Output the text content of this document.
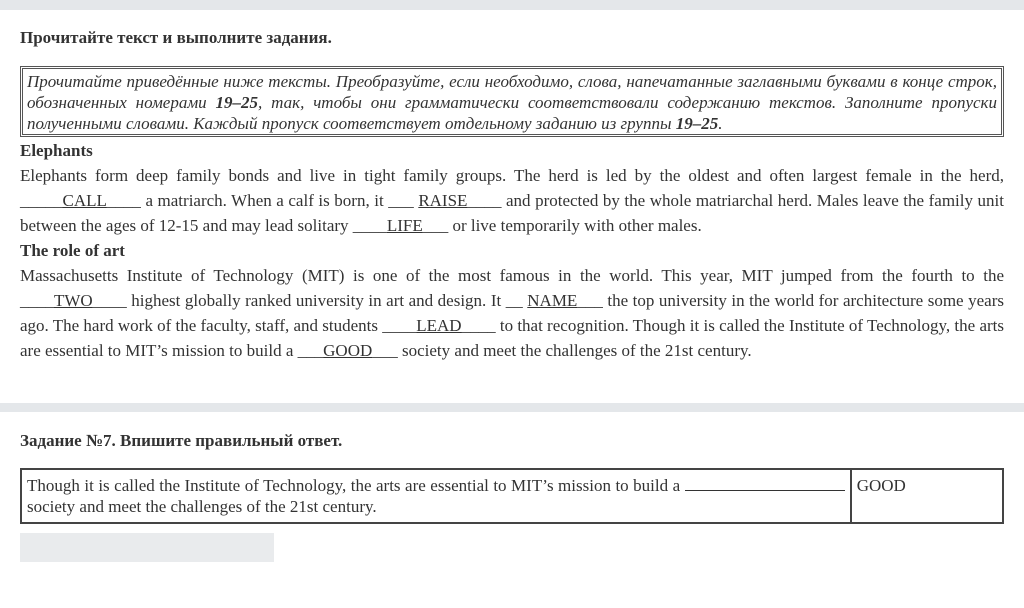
Прочитайте текст и выполните задания.
Прочитайте приведённые ниже тексты. Преобразуйте, если необходимо, слова, напечатанные заглавными буквами в конце строк, обозначенных номерами 19–25, так, чтобы они грамматически соответствовали содержанию текстов. Заполните пропуски полученными словами. Каждый пропуск соответствует отдельному заданию из группы 19–25.
Elephants
Elephants form deep family bonds and live in tight family groups. The herd is led by the oldest and often largest female in the herd, _____CALL____ a matriarch. When a calf is born, it ___ RAISE____ and protected by the whole matriarchal herd. Males leave the family unit between the ages of 12-15 and may lead solitary ____LIFE___ or live temporarily with other males.
The role of art
Massachusetts Institute of Technology (MIT) is one of the most famous in the world. This year, MIT jumped from the fourth to the ____TWO____ highest globally ranked university in art and design. It __ NAME___ the top university in the world for architecture some years ago. The hard work of the faculty, staff, and students ____LEAD____ to that recognition. Though it is called the Institute of Technology, the arts are essential to MIT’s mission to build a ___GOOD___ society and meet the challenges of the 21st century.
Задание №7. Впишите правильный ответ.
Though it is called the Institute of Technology, the arts are essential to MIT’s mission to build a  society and meet the challenges of the 21st century.	GOOD
